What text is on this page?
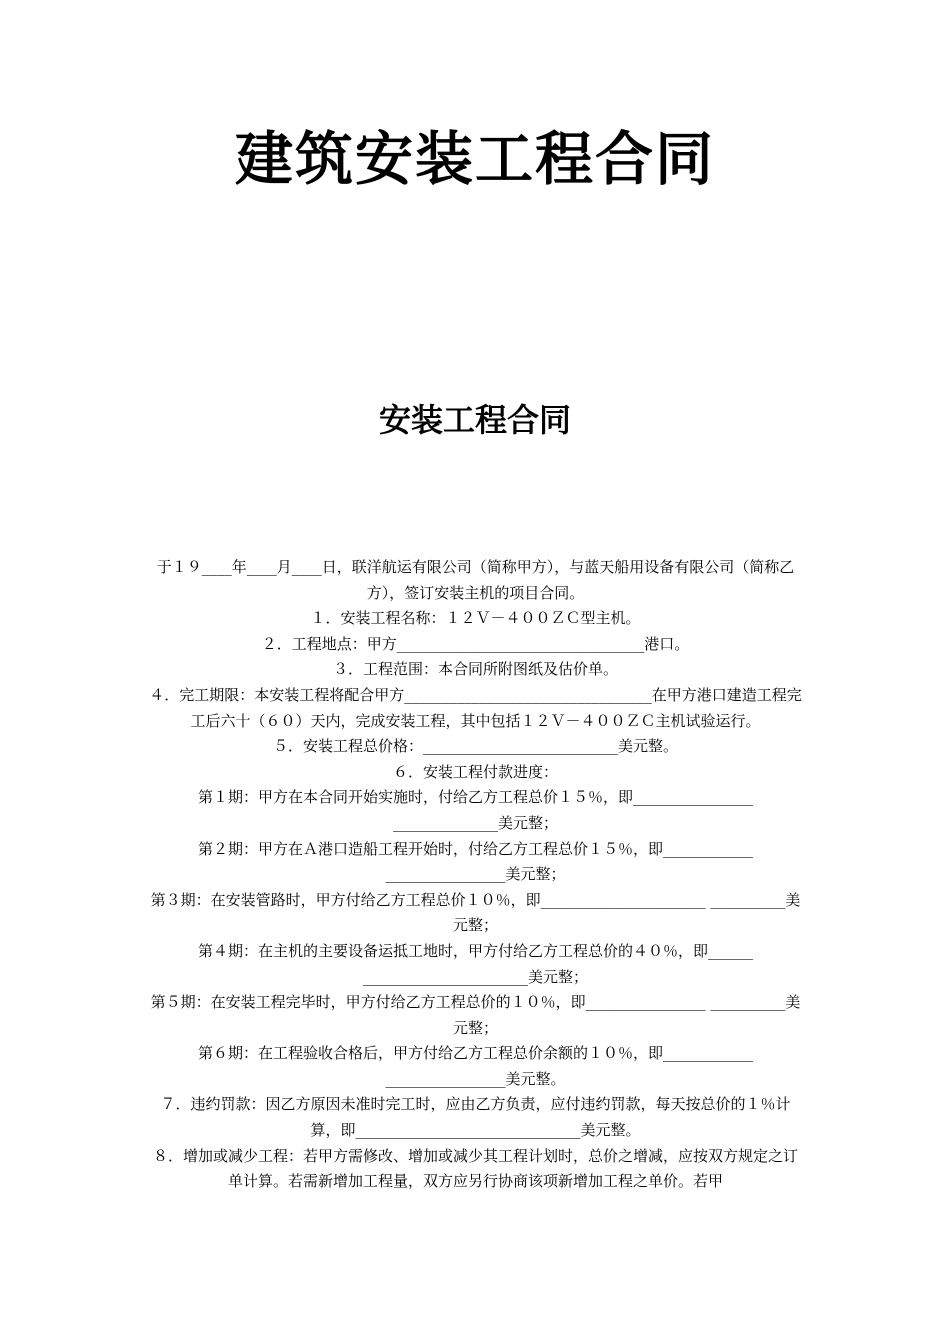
建筑安装工程合同
安装工程合同

于１９____年____月____日，联洋航运有限公司（简称甲方），与蓝天船用设备有限公司（简称乙方），签订安装主机的项目合同。

１．安装工程名称：１２Ｖ－４００ＺＣ型主机。

２．工程地点：甲方_________________________________港口。

３．工程范围：本合同所附图纸及估价单。

４．完工期限：本安装工程将配合甲方_________________________________在甲方港口建造工程完工后六十（６０）天内，完成安装工程，其中包括１２Ｖ－４００ＺＣ主机试验运行。

５．安装工程总价格：__________________________美元整。

６．安装工程付款进度：

第１期：甲方在本合同开始实施时，付给乙方工程总价１５％，即________________ ______________美元整；

第２期：甲方在Ａ港口造船工程开始时，付给乙方工程总价１５％，即____________ ________________美元整；

第３期：在安装管路时，甲方付给乙方工程总价１０％，即______________________ __________美元整；

第４期：在主机的主要设备运抵工地时，甲方付给乙方工程总价的４０％，即______ ______________________美元整；

第５期：在安装工程完毕时，甲方付给乙方工程总价的１０％，即________________ __________美元整；

第６期：在工程验收合格后，甲方付给乙方工程总价余额的１０％，即____________ ________________美元整。

７．违约罚款：因乙方原因未准时完工时，应由乙方负责，应付违约罚款，每天按总价的１％计算，即______________________________美元整。

８．增加或减少工程：若甲方需修改、增加或减少其工程计划时，总价之增减，应按双方规定之订单计算。若需新增加工程量，双方应另行协商该项新增加工程之单价。若甲
